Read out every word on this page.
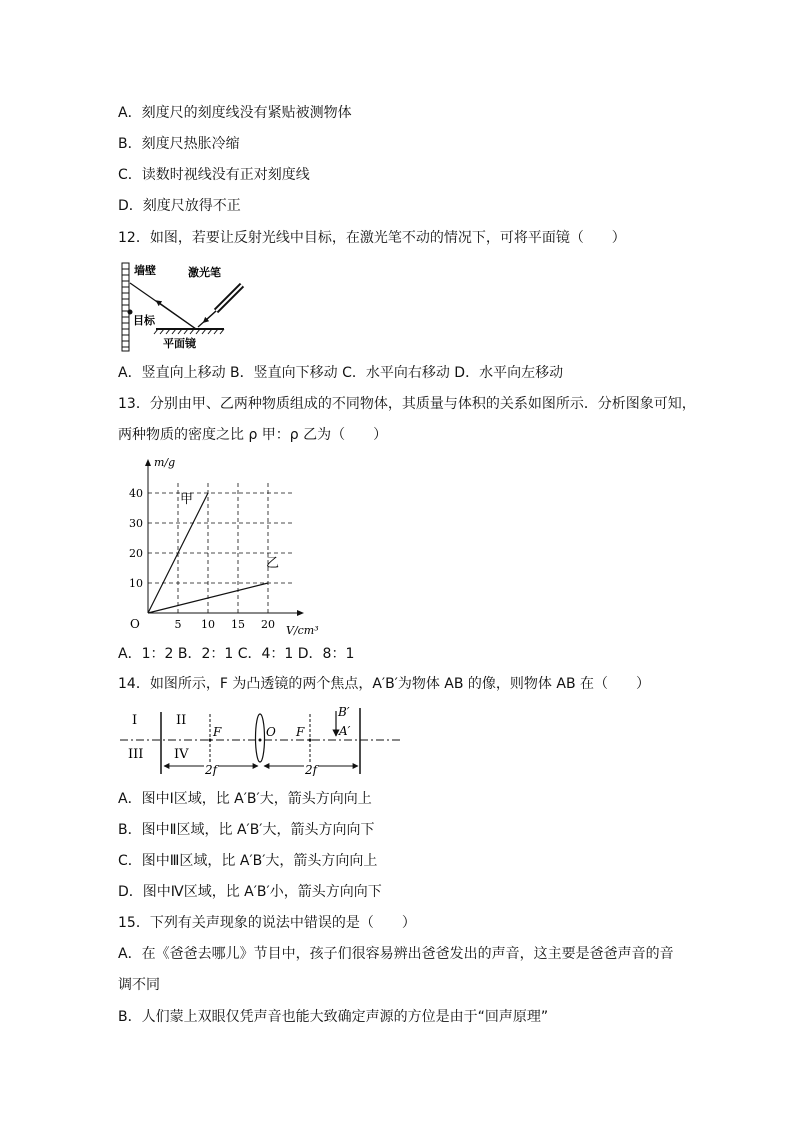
A．刻度尺的刻度线没有紧贴被测物体
B．刻度尺热胀冷缩
C．读数时视线没有正对刻度线
D．刻度尺放得不正
12．如图，若要让反射光线中目标，在激光笔不动的情况下，可将平面镜（　　）
墙壁	激光笔
目标
平面镜
A．竖直向上移动 B．竖直向下移动 C．水平向右移动 D．水平向左移动
13．分别由甲、乙两种物质组成的不同物体，其质量与体积的关系如图所示．分析图象可知，
两种物质的密度之比 ρ 甲：ρ 乙为（　　）
甲
乙
10
20
30
40
5 10 15 20
m/g
V/cm³
O
A．1：2 B．2：1 C．4：1 D．8：1
14．如图所示，F 为凸透镜的两个焦点，A′B′为物体 AB 的像，则物体 AB 在（　　）
I	II
III IV
F	O F
B′
A′
2f	2f
A．图中Ⅰ区域，比 A′B′大，箭头方向向上
B．图中Ⅱ区域，比 A′B′大，箭头方向向下
C．图中Ⅲ区域，比 A′B′大，箭头方向向上
D．图中Ⅳ区域，比 A′B′小，箭头方向向下
15．下列有关声现象的说法中错误的是（　　）
A．在《爸爸去哪儿》节目中，孩子们很容易辨出爸爸发出的声音，这主要是爸爸声音的音
调不同
B．人们蒙上双眼仅凭声音也能大致确定声源的方位是由于“回声原理”
